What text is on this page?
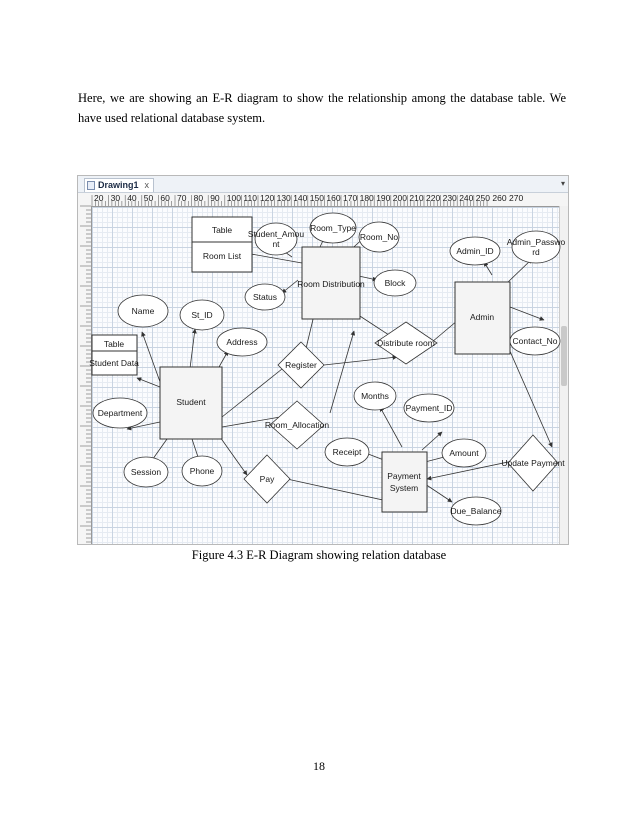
Here, we are showing an E-R diagram to show the relationship among the database table. We have used relational database system.

Drawing1 x	▾
20 30 40 50 60 70 80 90 100 110 120 130 140 150 160 170 180 190 200 210 220 230 240 250 260 270
Table
Room List
Room Distribution
Admin
Table
Student Data
Student
Payment
System
Student_Amou
nt
Room_Type
Room_No
Status
Block
Admin_ID
Admin_Passwo
rd
Name	St_ID
Address	Contact_No
Department
Months
Payment_ID
Session	Phone
Receipt	Amount
Due_Balance
Register
Distribute room
Room_Allocation
Pay
Update Payment
Figure 4.3 E-R Diagram showing relation database
18
